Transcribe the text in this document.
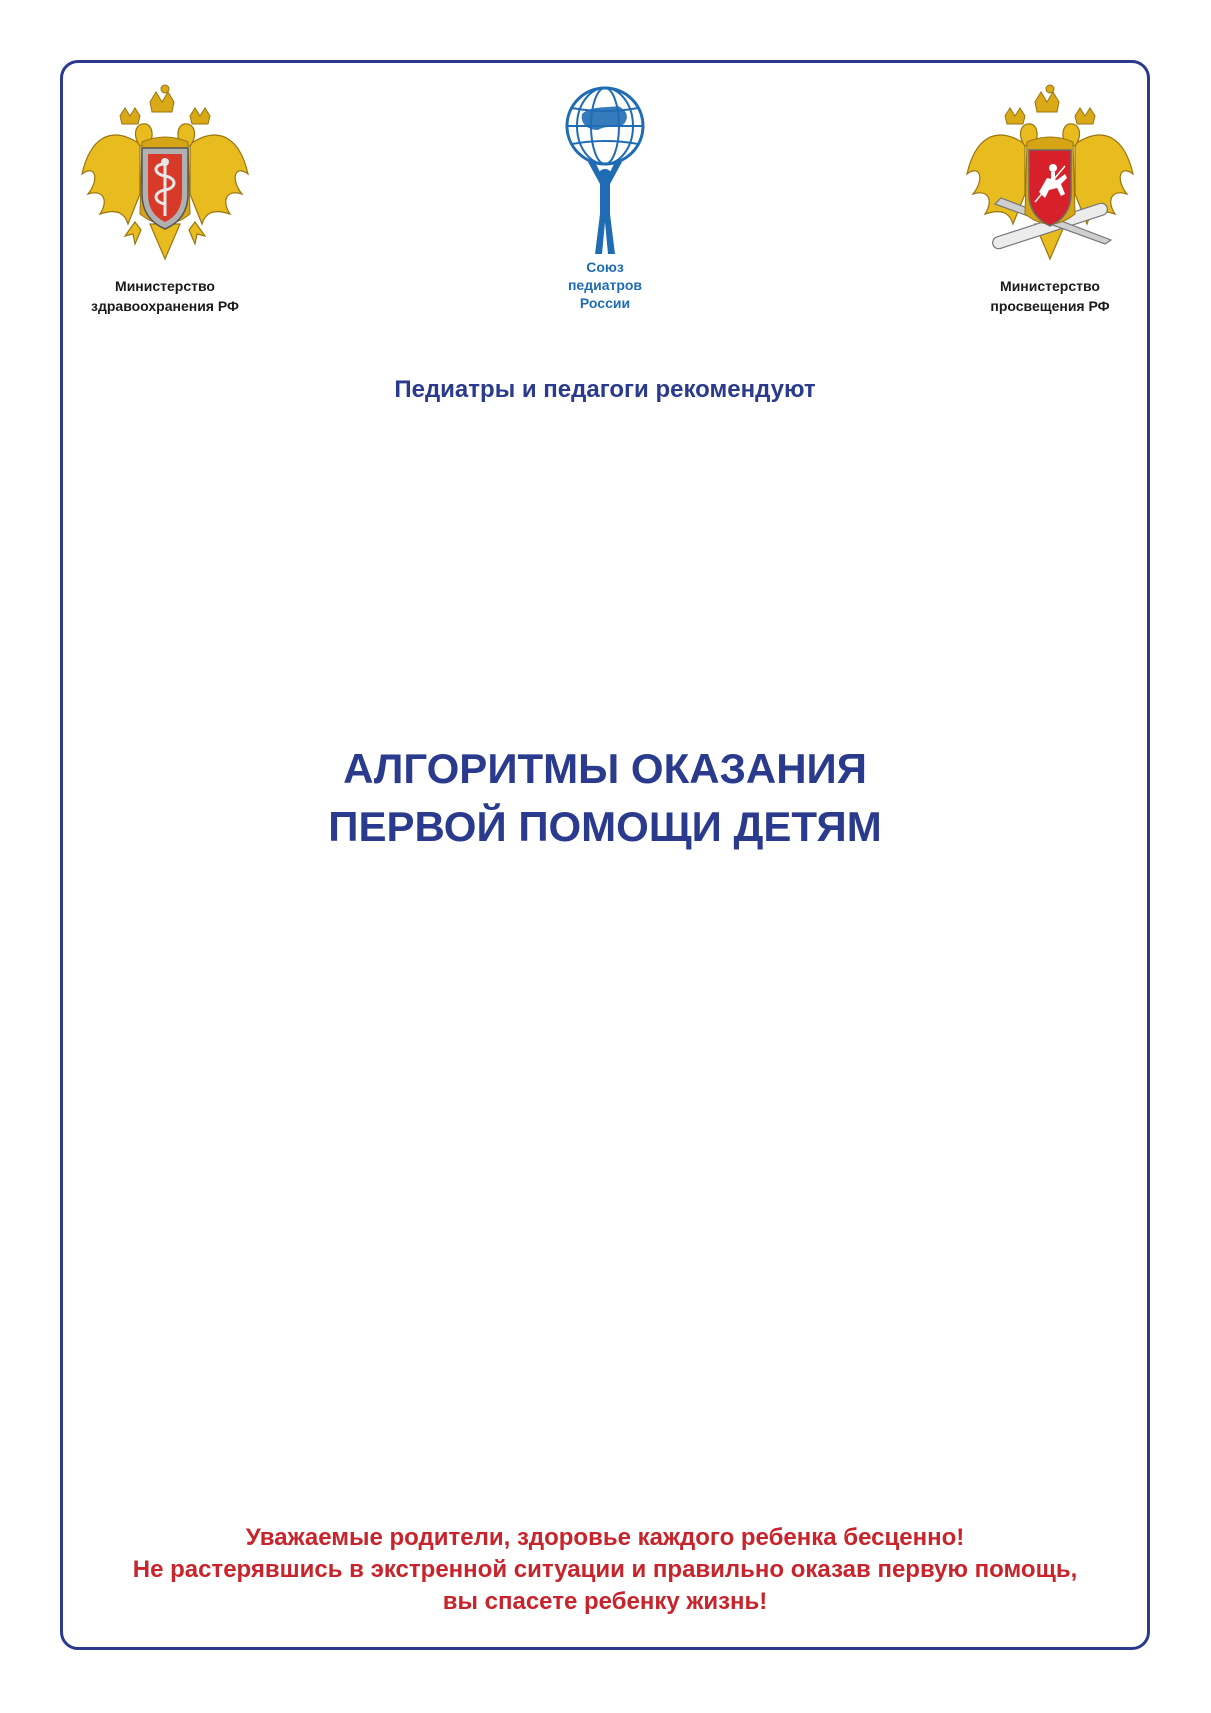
Министерство
здравоохранения РФ
Союз
педиатров
России
Министерство
просвещения РФ
Педиатры и педагоги рекомендуют
АЛГОРИТМЫ ОКАЗАНИЯ
ПЕРВОЙ ПОМОЩИ ДЕТЯМ
Уважаемые родители, здоровье каждого ребенка бесценно!
Не растерявшись в экстренной ситуации и правильно оказав первую помощь,
вы спасете ребенку жизнь!
